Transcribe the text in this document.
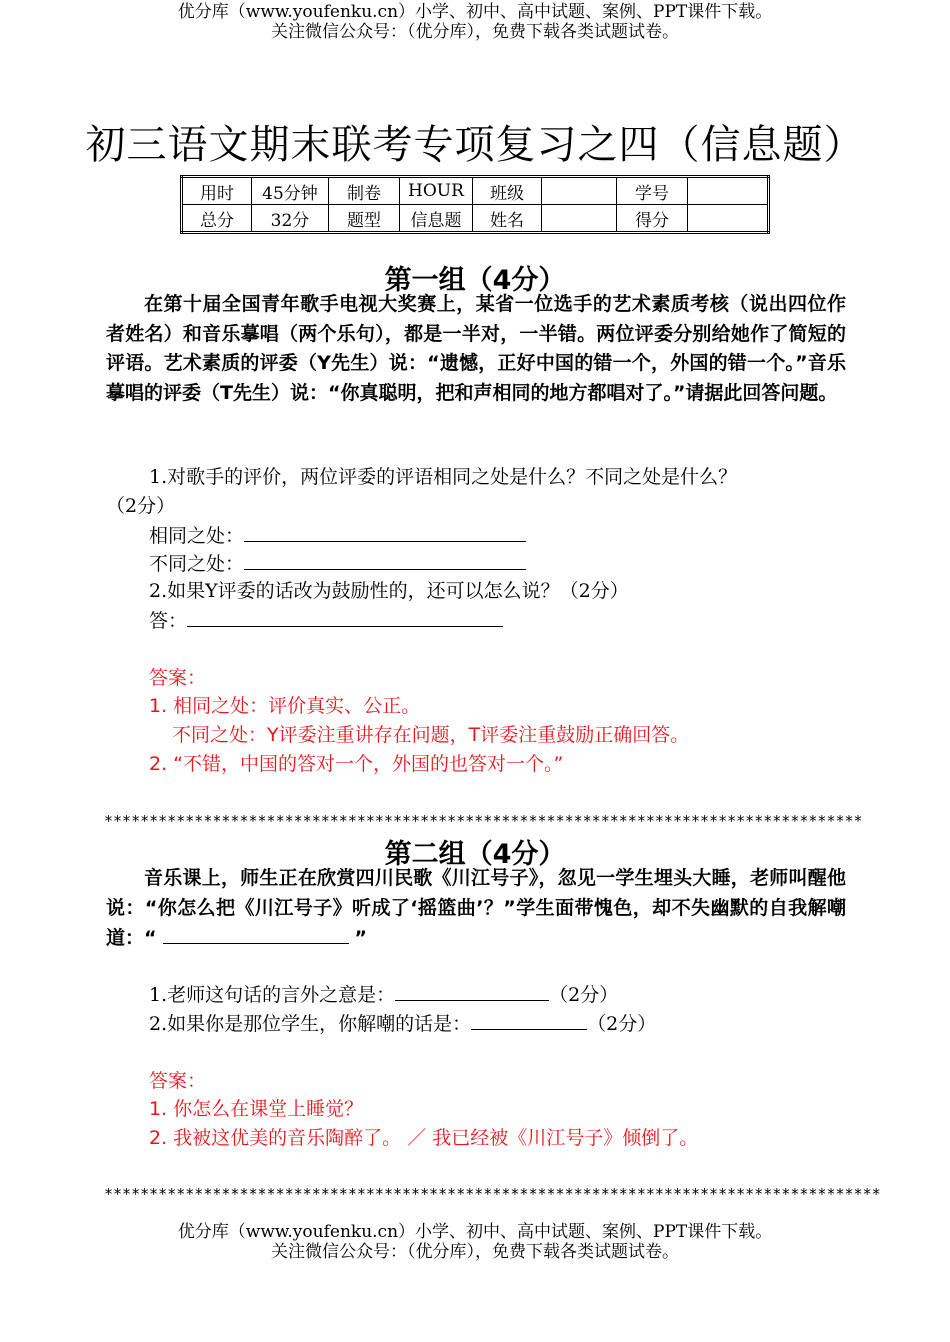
优分库（www.youfenku.cn）小学、初中、高中试题、案例、PPT课件下载。
关注微信公众号：（优分库），免费下载各类试题试卷。
初三语文期末联考专项复习之四（信息题）
用时	45分钟	制卷	HOUR	班级		学号	
总分	32分	题型	信息题	姓名		得分	
第一组（4分）
在第十届全国青年歌手电视大奖赛上，某省一位选手的艺术素质考核（说出四位作者姓名）和音乐摹唱（两个乐句），都是一半对，一半错。两位评委分别给她作了简短的评语。艺术素质的评委（Y先生）说：“遗憾，正好中国的错一个，外国的错一个。”音乐摹唱的评委（T先生）说：“你真聪明，把和声相同的地方都唱对了。”请据此回答问题。
1.对歌手的评价，两位评委的评语相同之处是什么？不同之处是什么？
（2分）
相同之处：
不同之处：
2.如果Y评委的话改为鼓励性的，还可以怎么说？（2分）
答：
答案：
1. 相同之处：评价真实、公正。
不同之处：Y评委注重讲存在问题，T评委注重鼓励正确回答。
2. “不错，中国的答对一个，外国的也答对一个。”
************************************************************************************
第二组（4分）
音乐课上，师生正在欣赏四川民歌《川江号子》，忽见一学生埋头大睡，老师叫醒他说：“你怎么把《川江号子》听成了‘摇篮曲’？”学生面带愧色，却不失幽默的自我解嘲道：“	”
1.老师这句话的言外之意是：	（2分）
2.如果你是那位学生，你解嘲的话是：	（2分）
答案：
1. 你怎么在课堂上睡觉？
2. 我被这优美的音乐陶醉了。 ／ 我已经被《川江号子》倾倒了。
**************************************************************************************
优分库（www.youfenku.cn）小学、初中、高中试题、案例、PPT课件下载。
关注微信公众号：（优分库），免费下载各类试题试卷。
